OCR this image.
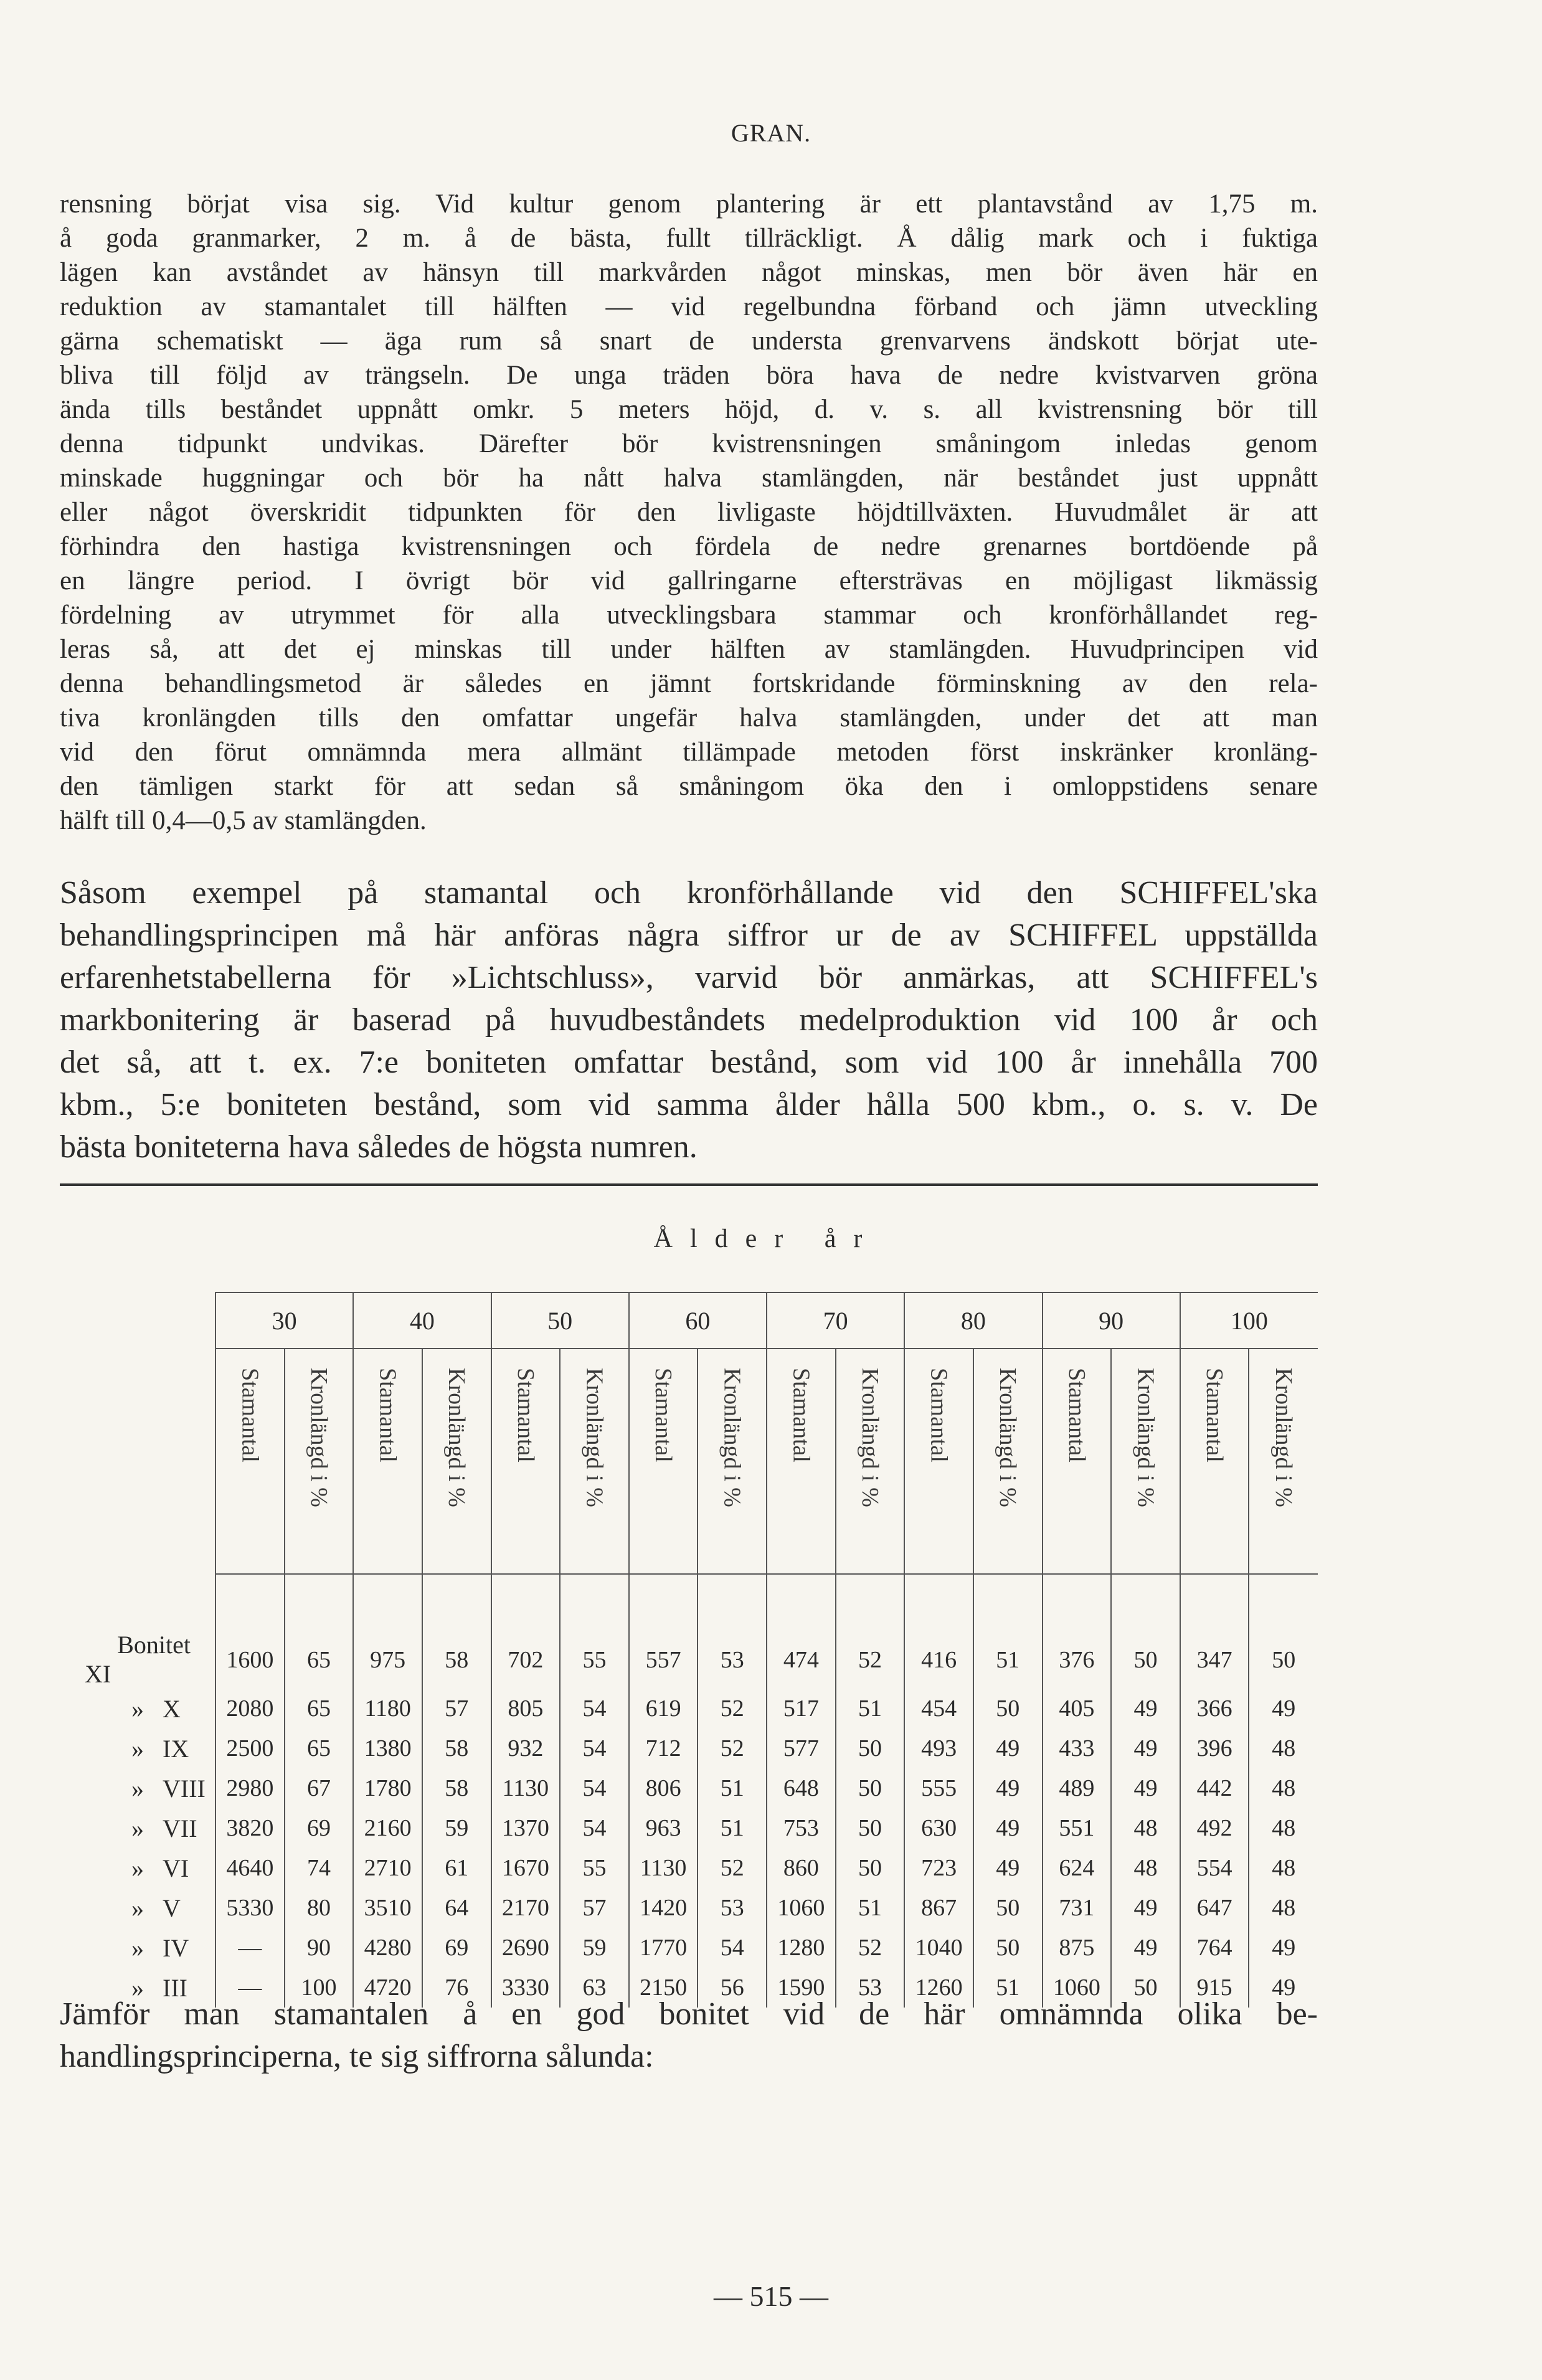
GRAN.
rensning börjat visa sig. Vid kultur genom plantering är ett plantavstånd av 1,75 m.
å goda granmarker, 2 m. å de bästa, fullt tillräckligt. Å dålig mark och i fuktiga
lägen kan avståndet av hänsyn till markvården något minskas, men bör även här en
reduktion av stamantalet till hälften — vid regelbundna förband och jämn utveckling
gärna schematiskt — äga rum så snart de understa grenvarvens ändskott börjat ute-
bliva till följd av trängseln. De unga träden böra hava de nedre kvistvarven gröna
ända tills beståndet uppnått omkr. 5 meters höjd, d. v. s. all kvistrensning bör till
denna tidpunkt undvikas. Därefter bör kvistrensningen småningom inledas genom
minskade huggningar och bör ha nått halva stamlängden, när beståndet just uppnått
eller något överskridit tidpunkten för den livligaste höjdtillväxten. Huvudmålet är att
förhindra den hastiga kvistrensningen och fördela de nedre grenarnes bortdöende på
en längre period. I övrigt bör vid gallringarne eftersträvas en möjligast likmässig
fördelning av utrymmet för alla utvecklingsbara stammar och kronförhållandet reg-
leras så, att det ej minskas till under hälften av stamlängden. Huvudprincipen vid
denna behandlingsmetod är således en jämnt fortskridande förminskning av den rela-
tiva kronlängden tills den omfattar ungefär halva stamlängden, under det att man
vid den förut omnämnda mera allmänt tillämpade metoden först inskränker kronläng-
den tämligen starkt för att sedan så småningom öka den i omloppstidens senare
hälft till 0,4—0,5 av stamlängden.
Såsom exempel på stamantal och kronförhållande vid den SCHIFFEL'ska
behandlingsprincipen må här anföras några siffror ur de av SCHIFFEL uppställda
erfarenhetstabellerna för »Lichtschluss», varvid bör anmärkas, att SCHIFFEL's
markbonitering är baserad på huvudbeståndets medelproduktion vid 100 år och
det så, att t. ex. 7:e boniteten omfattar bestånd, som vid 100 år innehålla 700
kbm., 5:e boniteten bestånd, som vid samma ålder hålla 500 kbm., o. s. v. De
bästa boniteterna hava således de högsta numren.
	Ålder år															
	30		40		50		60		70		80		90		100	

	Stamantal	Kronlängd i %	Stamantal	Kronlängd i %	Stamantal	Kronlängd i %	Stamantal	Kronlängd i %	Stamantal	Kronlängd i %	Stamantal	Kronlängd i %	Stamantal	Kronlängd i %	Stamantal	Kronlängd i %

BonitetXI	1600	65	975	58	702	55	557	53	474	52	416	51	376	50	347	50
» X	2080	65	1180	57	805	54	619	52	517	51	454	50	405	49	366	49
» IX	2500	65	1380	58	932	54	712	52	577	50	493	49	433	49	396	48
» VIII	2980	67	1780	58	1130	54	806	51	648	50	555	49	489	49	442	48
» VII	3820	69	2160	59	1370	54	963	51	753	50	630	49	551	48	492	48
» VI	4640	74	2710	61	1670	55	1130	52	860	50	723	49	624	48	554	48
» V	5330	80	3510	64	2170	57	1420	53	1060	51	867	50	731	49	647	48
» IV	—	90	4280	69	2690	59	1770	54	1280	52	1040	50	875	49	764	49
» III	—	100	4720	76	3330	63	2150	56	1590	53	1260	51	1060	50	915	49
Jämför man stamantalen å en god bonitet vid de här omnämnda olika be-
handlingsprinciperna, te sig siffrorna sålunda:
— 515 —
